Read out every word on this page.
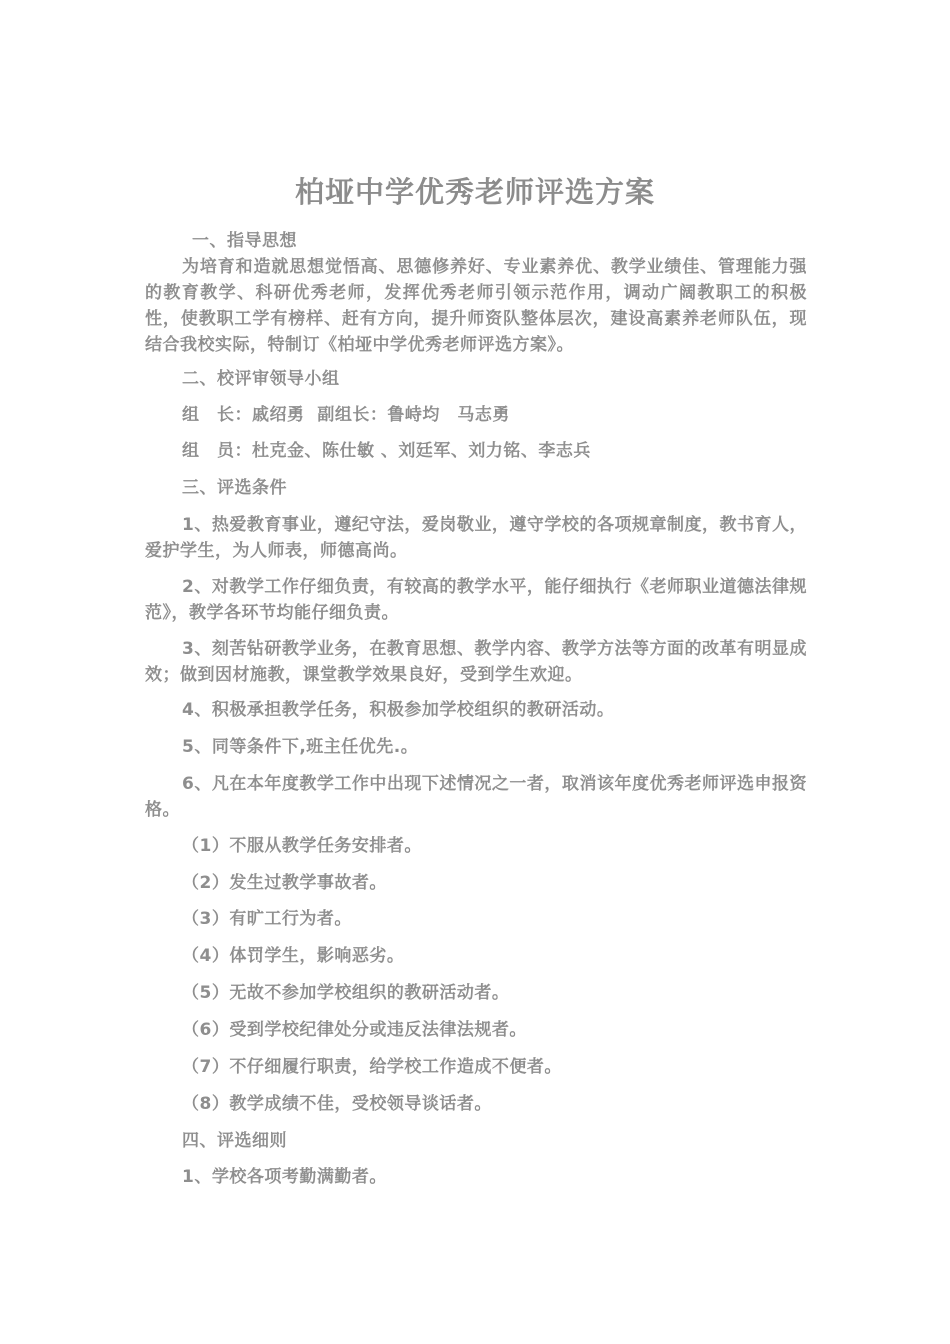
柏垭中学优秀老师评选方案
一、指导思想
为培育和造就思想觉悟高、思德修养好、专业素养优、教学业绩佳、管理能力强的教育教学、科研优秀老师，发挥优秀老师引领示范作用，调动广阔教职工的积极性，使教职工学有榜样、赶有方向，提升师资队整体层次，建设高素养老师队伍，现结合我校实际，特制订《柏垭中学优秀老师评选方案》。
二、校评审领导小组
组　长：戚绍勇  副组长：鲁峙均　马志勇
组　员：杜克金、陈仕敏 、刘廷军、刘力铭、李志兵
三、评选条件
1、热爱教育事业，遵纪守法，爱岗敬业，遵守学校的各项规章制度，教书育人，爱护学生，为人师表，师德高尚。
2、对教学工作仔细负责，有较高的教学水平，能仔细执行《老师职业道德法律规范》，教学各环节均能仔细负责。
3、刻苦钻研教学业务，在教育思想、教学内容、教学方法等方面的改革有明显成效；做到因材施教，课堂教学效果良好，受到学生欢迎。
4、积极承担教学任务，积极参加学校组织的教研活动。
5、同等条件下,班主任优先.。
6、凡在本年度教学工作中出现下述情况之一者，取消该年度优秀老师评选申报资格。
（1）不服从教学任务安排者。
（2）发生过教学事故者。
（3）有旷工行为者。
（4）体罚学生，影响恶劣。
（5）无故不参加学校组织的教研活动者。
（6）受到学校纪律处分或违反法律法规者。
（7）不仔细履行职责，给学校工作造成不便者。
（8）教学成绩不佳，受校领导谈话者。
四、评选细则
1、学校各项考勤满勤者。
